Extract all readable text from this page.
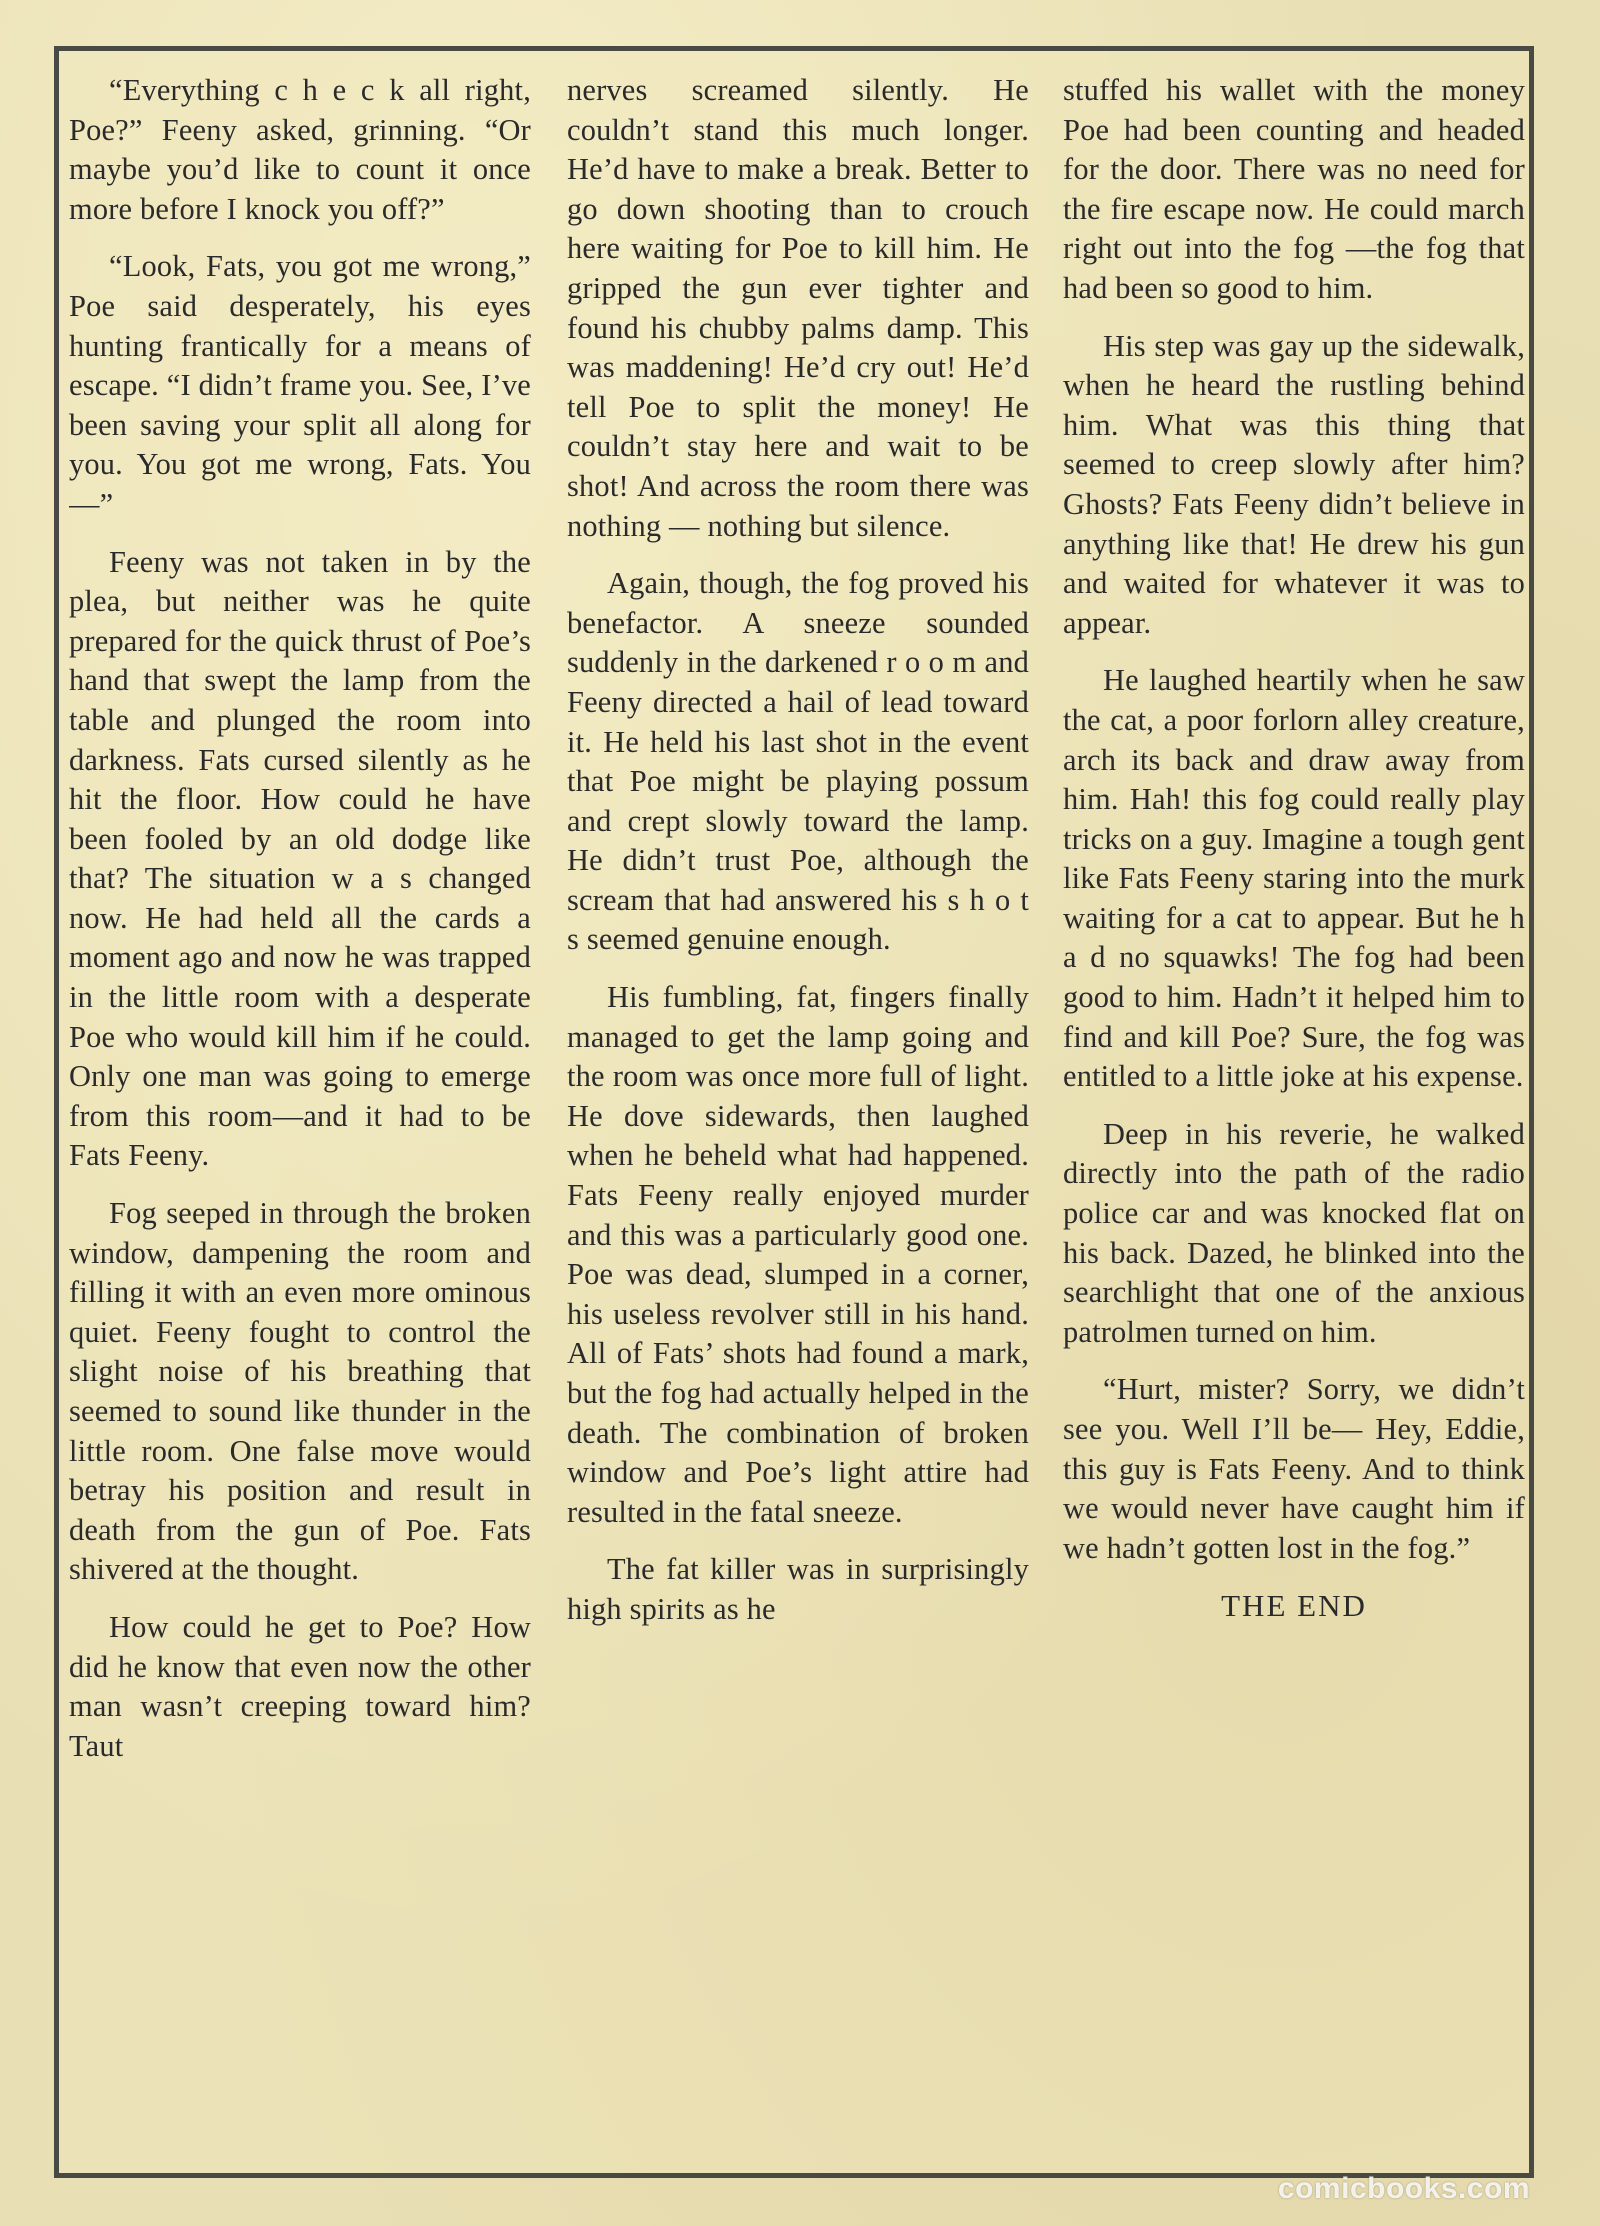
“Everything c h e c k all right, Poe?” Feeny asked, grinning. “Or maybe you’d like to count it once more before I knock you off?”

“Look, Fats, you got me wrong,” Poe said desperately, his eyes hunting frantically for a means of escape. “I didn’t frame you. See, I’ve been saving your split all along for you. You got me wrong, Fats. You—”

Feeny was not taken in by the plea, but neither was he quite prepared for the quick thrust of Poe’s hand that swept the lamp from the table and plunged the room into darkness. Fats cursed silently as he hit the floor. How could he have been fooled by an old dodge like that? The situation w a s changed now. He had held all the cards a moment ago and now he was trapped in the little room with a desperate Poe who would kill him if he could. Only one man was going to emerge from this room—and it had to be Fats Feeny.

Fog seeped in through the broken window, dampening the room and filling it with an even more ominous quiet. Feeny fought to control the slight noise of his breathing that seemed to sound like thunder in the little room. One false move would betray his position and result in death from the gun of Poe. Fats shivered at the thought.

How could he get to Poe? How did he know that even now the other man wasn’t creeping toward him? Taut

nerves screamed silently. He couldn’t stand this much longer. He’d have to make a break. Better to go down shooting than to crouch here waiting for Poe to kill him. He gripped the gun ever tighter and found his chubby palms damp. This was maddening! He’d cry out! He’d tell Poe to split the money! He couldn’t stay here and wait to be shot! And across the room there was nothing — nothing but silence.

Again, though, the fog proved his benefactor. A sneeze sounded suddenly in the darkened r o o m and Feeny directed a hail of lead toward it. He held his last shot in the event that Poe might be playing possum and crept slowly toward the lamp. He didn’t trust Poe, although the scream that had answered his s h o t s seemed genuine enough.

His fumbling, fat, fingers finally managed to get the lamp going and the room was once more full of light. He dove sidewards, then laughed when he beheld what had happened. Fats Feeny really enjoyed murder and this was a particularly good one. Poe was dead, slumped in a corner, his useless revolver still in his hand. All of Fats’ shots had found a mark, but the fog had actually helped in the death. The combination of broken window and Poe’s light attire had resulted in the fatal sneeze.

The fat killer was in surprisingly high spirits as he

stuffed his wallet with the money Poe had been counting and headed for the door. There was no need for the fire escape now. He could march right out into the fog —the fog that had been so good to him.

His step was gay up the sidewalk, when he heard the rustling behind him. What was this thing that seemed to creep slowly after him? Ghosts? Fats Feeny didn’t believe in anything like that! He drew his gun and waited for whatever it was to appear.

He laughed heartily when he saw the cat, a poor forlorn alley creature, arch its back and draw away from him. Hah! this fog could really play tricks on a guy. Imagine a tough gent like Fats Feeny staring into the murk waiting for a cat to appear. But he h a d no squawks! The fog had been good to him. Hadn’t it helped him to find and kill Poe? Sure, the fog was entitled to a little joke at his expense.

Deep in his reverie, he walked directly into the path of the radio police car and was knocked flat on his back. Dazed, he blinked into the searchlight that one of the anxious patrolmen turned on him.

“Hurt, mister? Sorry, we didn’t see you. Well I’ll be— Hey, Eddie, this guy is Fats Feeny. And to think we would never have caught him if we hadn’t gotten lost in the fog.”

THE END
comicbooks.com
